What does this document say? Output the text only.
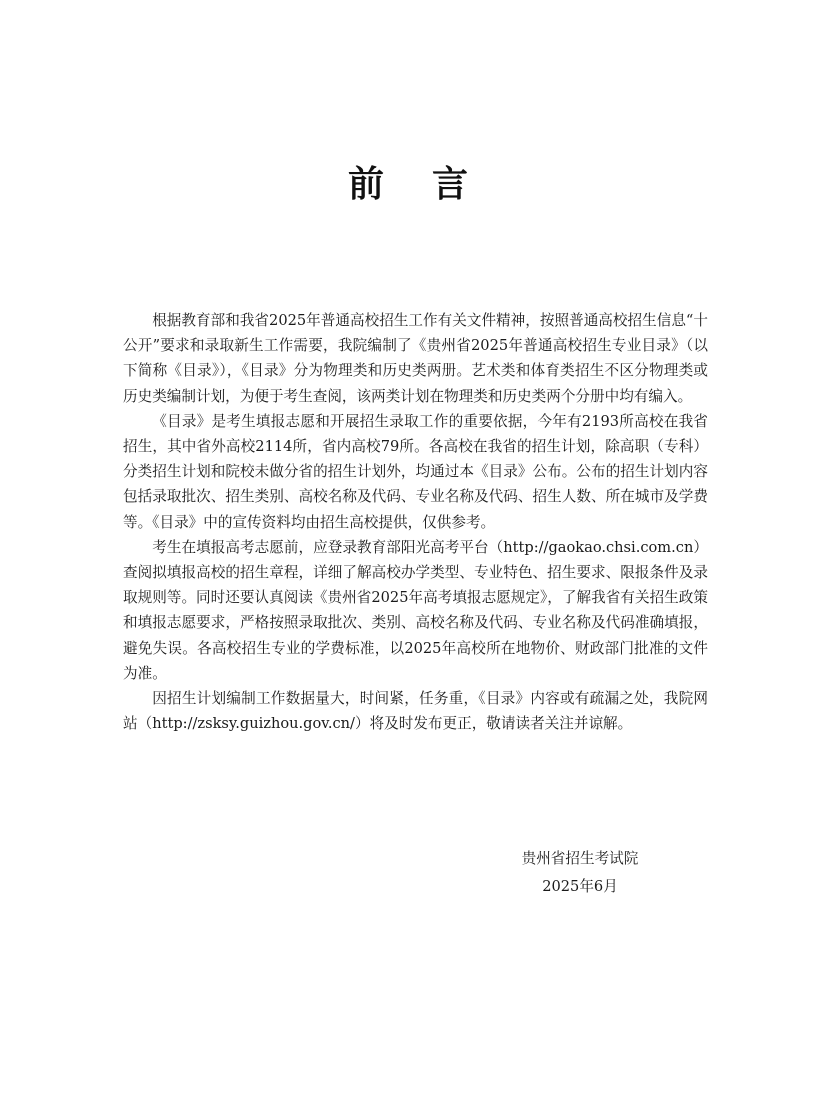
前言

根据教育部和我省2025年普通高校招生工作有关文件精神，按照普通高校招生信息“十公开”要求和录取新生工作需要，我院编制了《贵州省2025年普通高校招生专业目录》（以下简称《目录》），《目录》分为物理类和历史类两册。艺术类和体育类招生不区分物理类或历史类编制计划，为便于考生查阅，该两类计划在物理类和历史类两个分册中均有编入。

《目录》是考生填报志愿和开展招生录取工作的重要依据，今年有2193所高校在我省招生，其中省外高校2114所，省内高校79所。各高校在我省的招生计划，除高职（专科）分类招生计划和院校未做分省的招生计划外，均通过本《目录》公布。公布的招生计划内容包括录取批次、招生类别、高校名称及代码、专业名称及代码、招生人数、所在城市及学费等。《目录》中的宣传资料均由招生高校提供，仅供参考。

考生在填报高考志愿前，应登录教育部阳光高考平台（http://gaokao.chsi.com.cn）查阅拟填报高校的招生章程，详细了解高校办学类型、专业特色、招生要求、限报条件及录取规则等。同时还要认真阅读《贵州省2025年高考填报志愿规定》，了解我省有关招生政策和填报志愿要求，严格按照录取批次、类别、高校名称及代码、专业名称及代码准确填报，避免失误。各高校招生专业的学费标准，以2025年高校所在地物价、财政部门批准的文件为准。

因招生计划编制工作数据量大，时间紧，任务重，《目录》内容或有疏漏之处，我院网站（http://zsksy.guizhou.gov.cn/）将及时发布更正，敬请读者关注并谅解。

贵州省招生考试院
2025年6月
